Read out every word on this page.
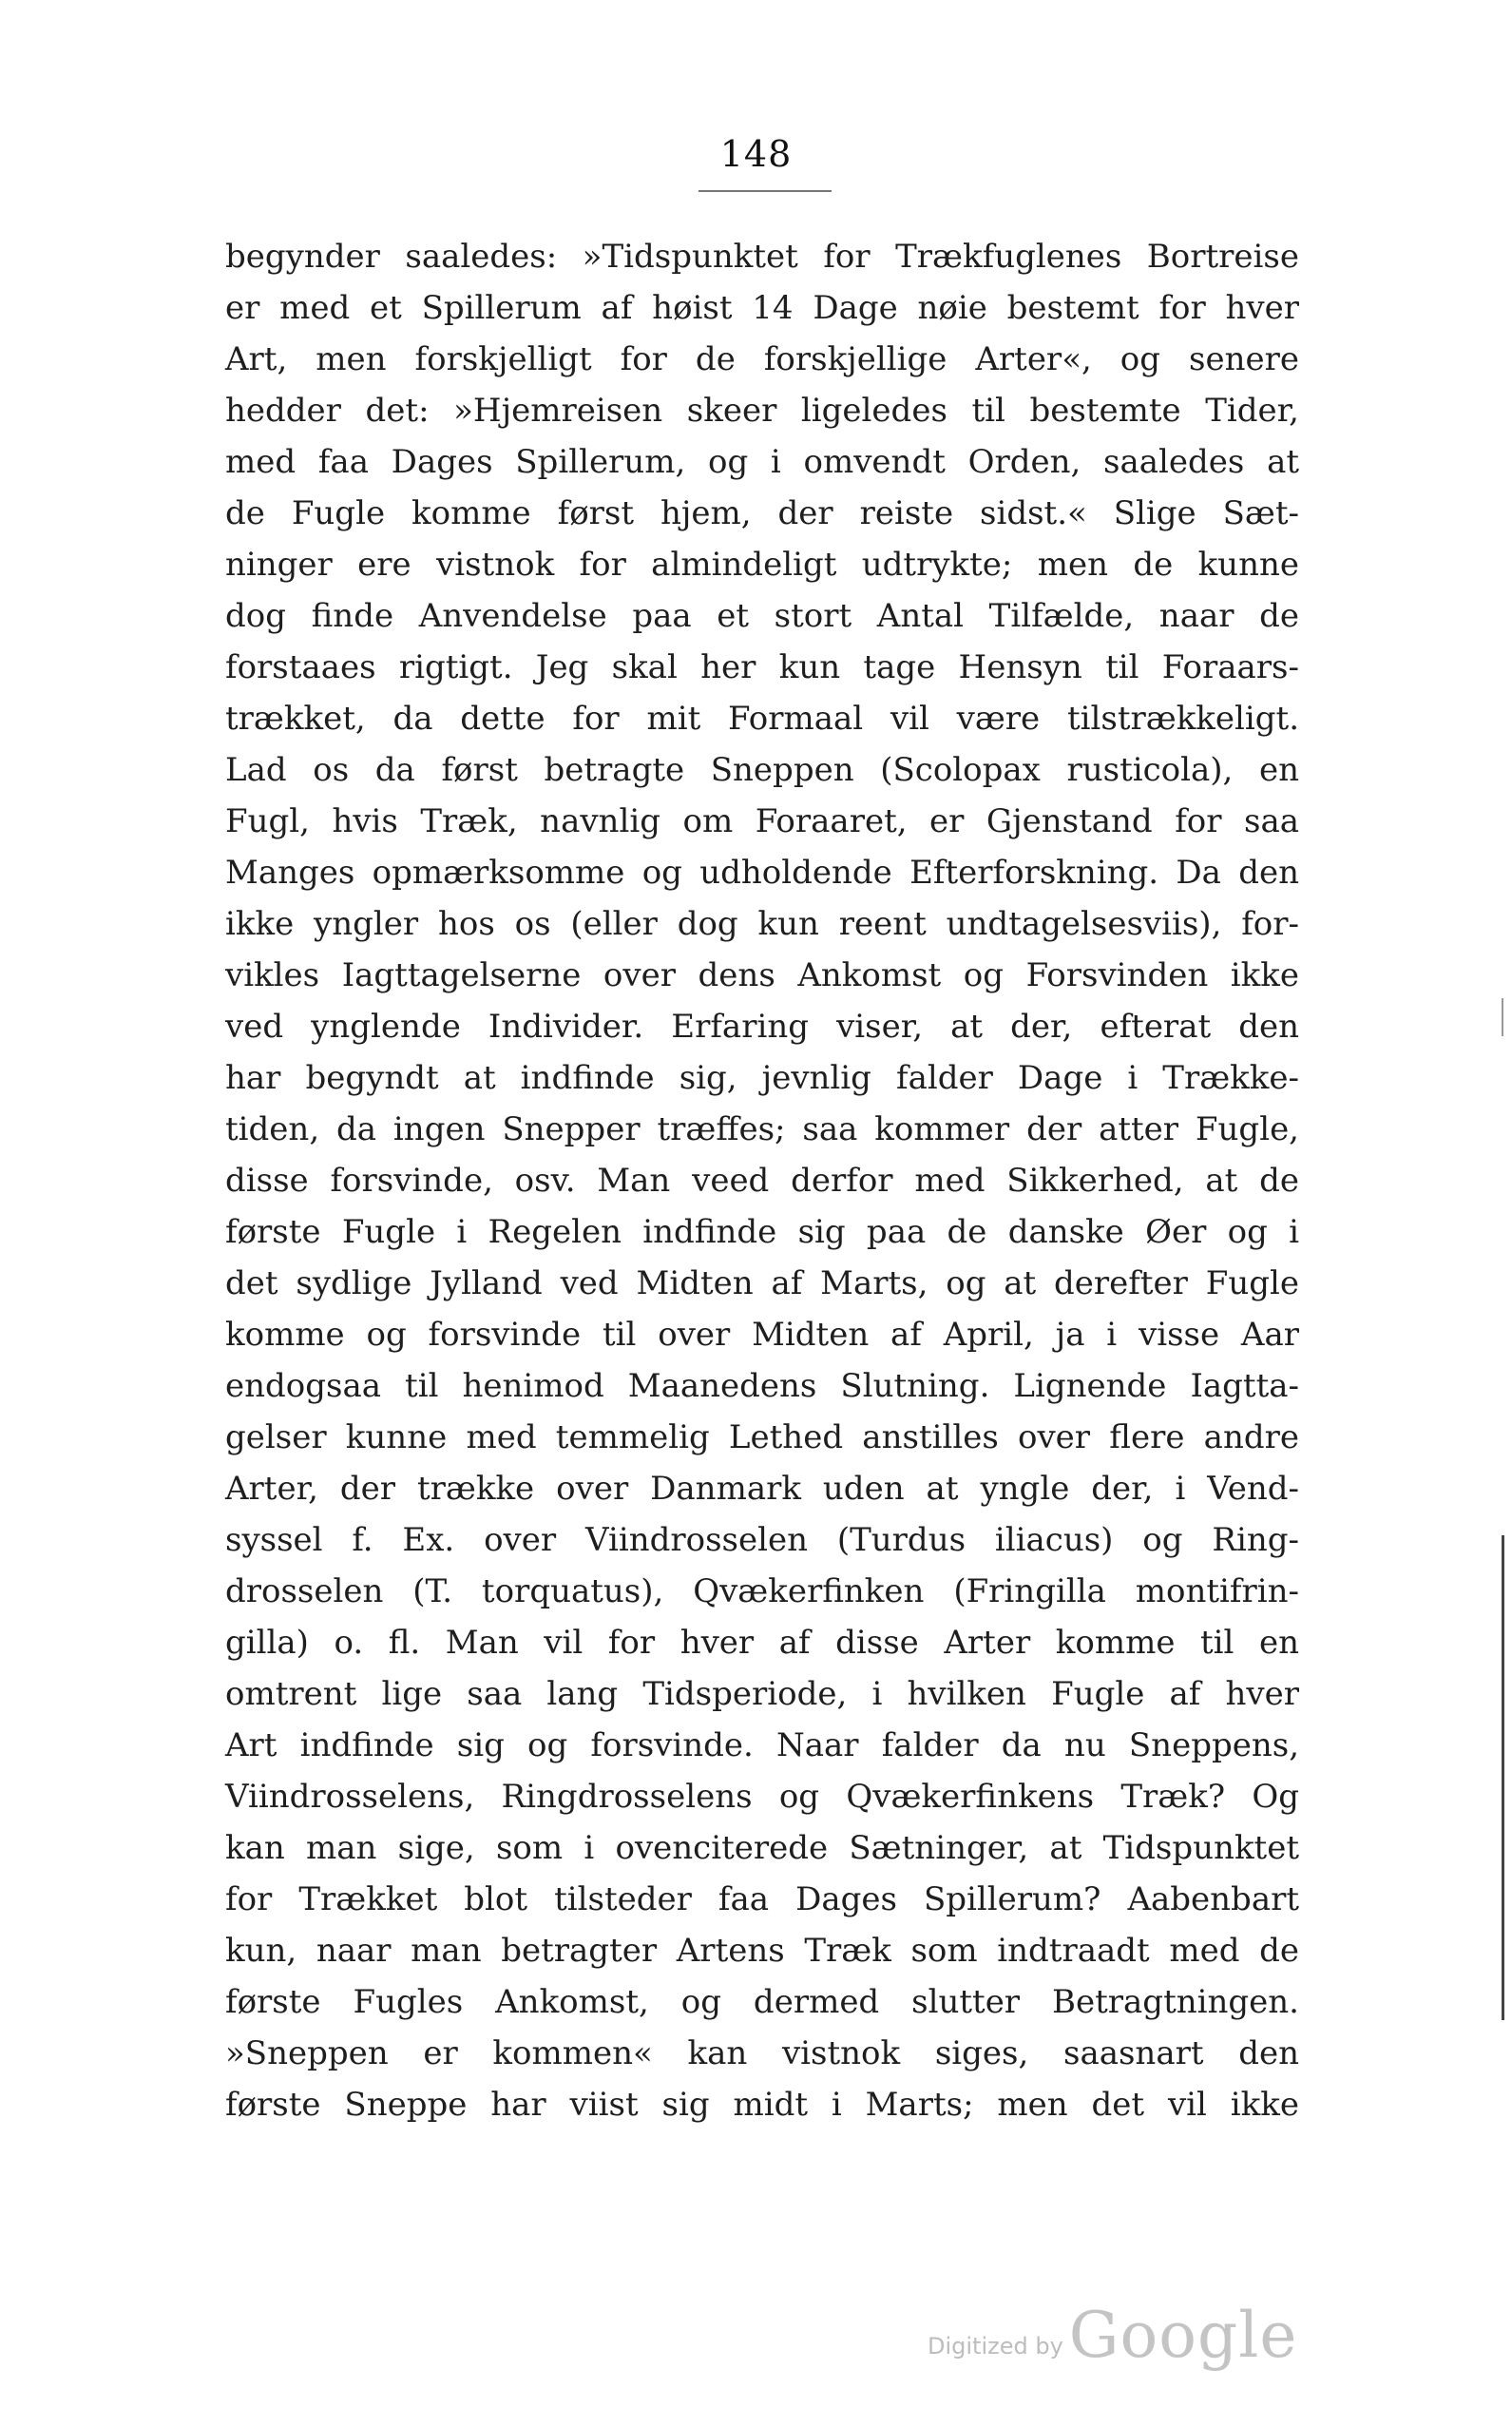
148
begynder saaledes: »Tidspunktet for Trækfuglenes Bortreise
er med et Spillerum af høist 14 Dage nøie bestemt for hver
Art, men forskjelligt for de forskjellige Arter«, og senere
hedder det: »Hjemreisen skeer ligeledes til bestemte Tider,
med faa Dages Spillerum, og i omvendt Orden, saaledes at
de Fugle komme først hjem, der reiste sidst.« Slige Sæt-
ninger ere vistnok for almindeligt udtrykte; men de kunne
dog finde Anvendelse paa et stort Antal Tilfælde, naar de
forstaaes rigtigt. Jeg skal her kun tage Hensyn til Foraars-
trækket, da dette for mit Formaal vil være tilstrækkeligt.
Lad os da først betragte Sneppen (Scolopax rusticola), en
Fugl, hvis Træk, navnlig om Foraaret, er Gjenstand for saa
Manges opmærksomme og udholdende Efterforskning. Da den
ikke yngler hos os (eller dog kun reent undtagelsesviis), for-
vikles Iagttagelserne over dens Ankomst og Forsvinden ikke
ved ynglende Individer. Erfaring viser, at der, efterat den
har begyndt at indfinde sig, jevnlig falder Dage i Trække-
tiden, da ingen Snepper træffes; saa kommer der atter Fugle,
disse forsvinde, osv. Man veed derfor med Sikkerhed, at de
første Fugle i Regelen indfinde sig paa de danske Øer og i
det sydlige Jylland ved Midten af Marts, og at derefter Fugle
komme og forsvinde til over Midten af April, ja i visse Aar
endogsaa til henimod Maanedens Slutning. Lignende Iagtta-
gelser kunne med temmelig Lethed anstilles over flere andre
Arter, der trække over Danmark uden at yngle der, i Vend-
syssel f. Ex. over Viindrosselen (Turdus iliacus) og Ring-
drosselen (T. torquatus), Qvækerfinken (Fringilla montifrin-
gilla) o. fl. Man vil for hver af disse Arter komme til en
omtrent lige saa lang Tidsperiode, i hvilken Fugle af hver
Art indfinde sig og forsvinde. Naar falder da nu Sneppens,
Viindrosselens, Ringdrosselens og Qvækerfinkens Træk? Og
kan man sige, som i ovenciterede Sætninger, at Tidspunktet
for Trækket blot tilsteder faa Dages Spillerum? Aabenbart
kun, naar man betragter Artens Træk som indtraadt med de
første Fugles Ankomst, og dermed slutter Betragtningen.
»Sneppen er kommen« kan vistnok siges, saasnart den
første Sneppe har viist sig midt i Marts; men det vil ikke
Digitized by Google
